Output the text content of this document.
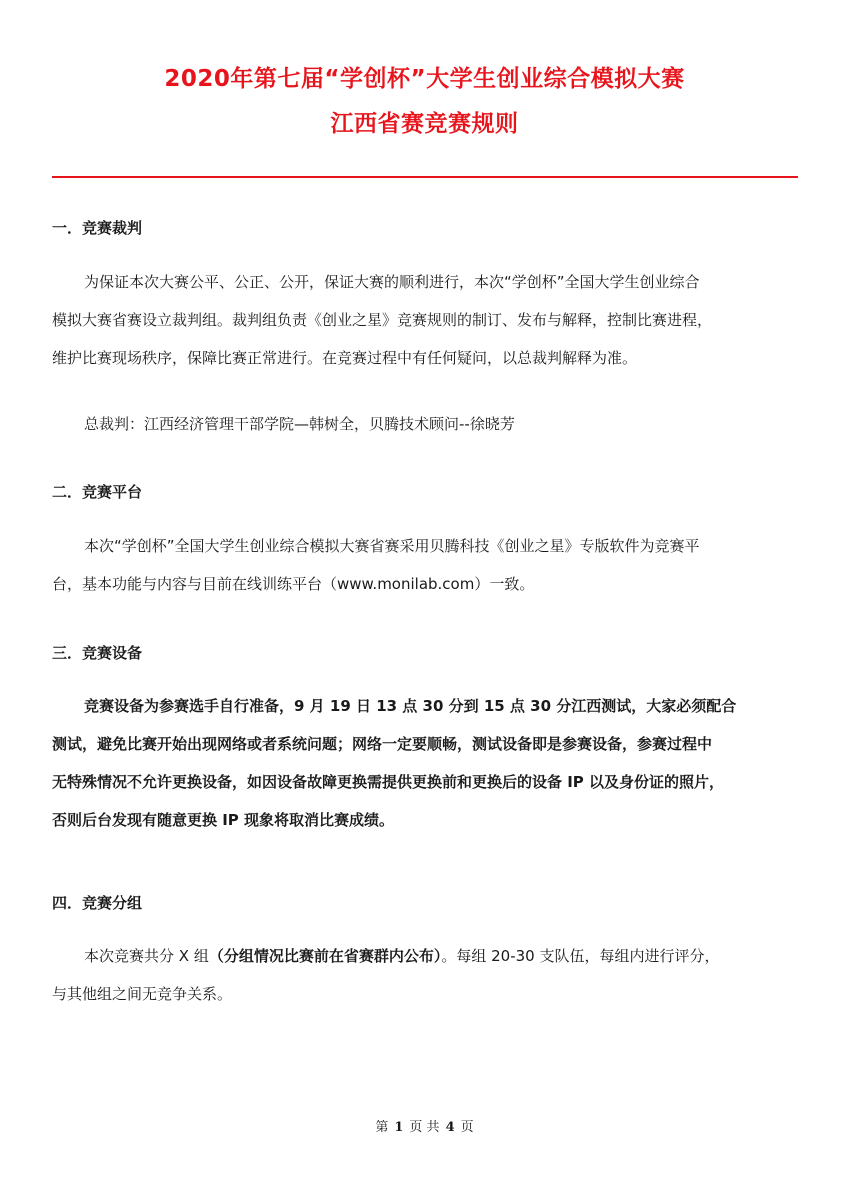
2020年第七届“学创杯”大学生创业综合模拟大赛
江西省赛竞赛规则
一．竞赛裁判
为保证本次大赛公平、公正、公开，保证大赛的顺利进行，本次“学创杯”全国大学生创业综合
模拟大赛省赛设立裁判组。裁判组负责《创业之星》竞赛规则的制订、发布与解释，控制比赛进程，
维护比赛现场秩序，保障比赛正常进行。在竞赛过程中有任何疑问，以总裁判解释为准。
总裁判：江西经济管理干部学院—韩树全，贝腾技术顾问--徐晓芳
二．竞赛平台
本次“学创杯”全国大学生创业综合模拟大赛省赛采用贝腾科技《创业之星》专版软件为竞赛平
台，基本功能与内容与目前在线训练平台（www.monilab.com）一致。
三．竞赛设备
竞赛设备为参赛选手自行准备，9 月 19 日 13 点 30 分到 15 点 30 分江西测试，大家必须配合
测试，避免比赛开始出现网络或者系统问题；网络一定要顺畅，测试设备即是参赛设备，参赛过程中
无特殊情况不允许更换设备，如因设备故障更换需提供更换前和更换后的设备 IP 以及身份证的照片，
否则后台发现有随意更换 IP 现象将取消比赛成绩。
四．竞赛分组
本次竞赛共分 X 组（分组情况比赛前在省赛群内公布）。每组 20-30 支队伍，每组内进行评分，
与其他组之间无竞争关系。
第 1 页 共 4 页
